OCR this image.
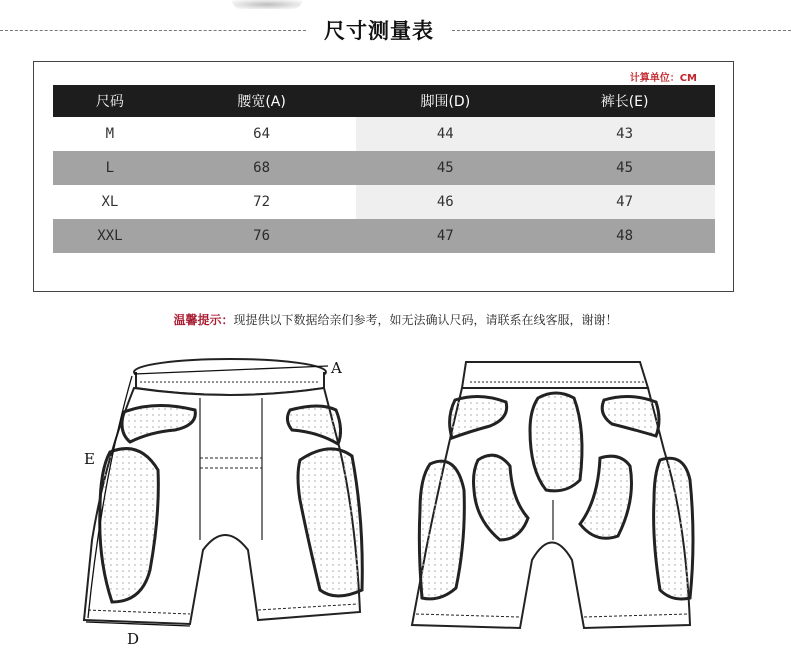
尺寸测量表
计算单位：CM
尺码	腰宽(A)	脚围(D)	裤长(E)
M	64	44	43
L	68	45	45
XL	72	46	47
XXL	76	47	48
温馨提示：现提供以下数据给亲们参考，如无法确认尺码，请联系在线客服，谢谢！
A
E
D
